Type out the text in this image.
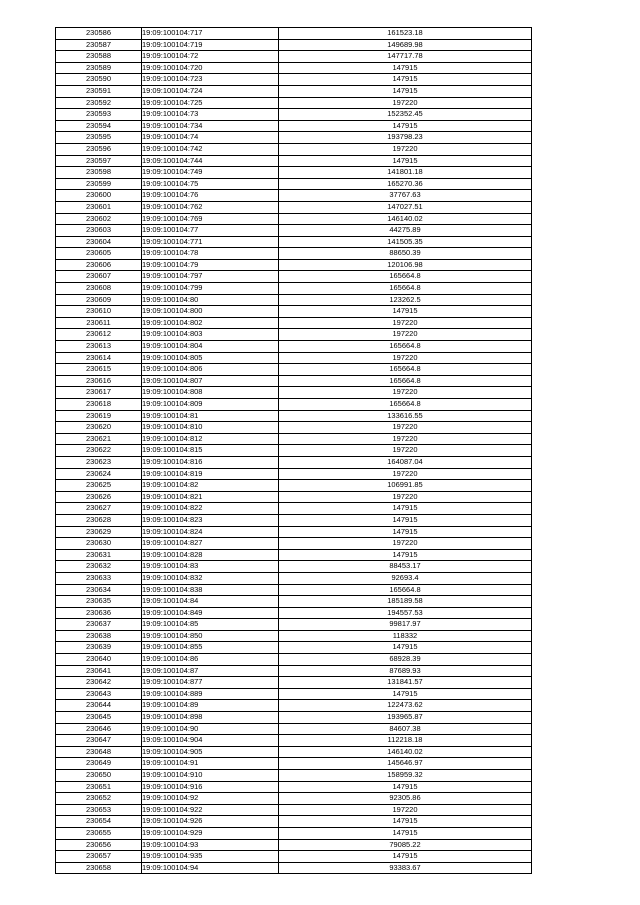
230586	19:09:100104:717	161523.18
230587	19:09:100104:719	149689.98
230588	19:09:100104:72	147717.78
230589	19:09:100104:720	147915
230590	19:09:100104:723	147915
230591	19:09:100104:724	147915
230592	19:09:100104:725	197220
230593	19:09:100104:73	152352.45
230594	19:09:100104:734	147915
230595	19:09:100104:74	193798.23
230596	19:09:100104:742	197220
230597	19:09:100104:744	147915
230598	19:09:100104:749	141801.18
230599	19:09:100104:75	165270.36
230600	19:09:100104:76	37767.63
230601	19:09:100104:762	147027.51
230602	19:09:100104:769	146140.02
230603	19:09:100104:77	44275.89
230604	19:09:100104:771	141505.35
230605	19:09:100104:78	88650.39
230606	19:09:100104:79	120106.98
230607	19:09:100104:797	165664.8
230608	19:09:100104:799	165664.8
230609	19:09:100104:80	123262.5
230610	19:09:100104:800	147915
230611	19:09:100104:802	197220
230612	19:09:100104:803	197220
230613	19:09:100104:804	165664.8
230614	19:09:100104:805	197220
230615	19:09:100104:806	165664.8
230616	19:09:100104:807	165664.8
230617	19:09:100104:808	197220
230618	19:09:100104:809	165664.8
230619	19:09:100104:81	133616.55
230620	19:09:100104:810	197220
230621	19:09:100104:812	197220
230622	19:09:100104:815	197220
230623	19:09:100104:816	164087.04
230624	19:09:100104:819	197220
230625	19:09:100104:82	106991.85
230626	19:09:100104:821	197220
230627	19:09:100104:822	147915
230628	19:09:100104:823	147915
230629	19:09:100104:824	147915
230630	19:09:100104:827	197220
230631	19:09:100104:828	147915
230632	19:09:100104:83	88453.17
230633	19:09:100104:832	92693.4
230634	19:09:100104:838	165664.8
230635	19:09:100104:84	185189.58
230636	19:09:100104:849	194557.53
230637	19:09:100104:85	99817.97
230638	19:09:100104:850	118332
230639	19:09:100104:855	147915
230640	19:09:100104:86	68928.39
230641	19:09:100104:87	87689.93
230642	19:09:100104:877	131841.57
230643	19:09:100104:889	147915
230644	19:09:100104:89	122473.62
230645	19:09:100104:898	193965.87
230646	19:09:100104:90	84607.38
230647	19:09:100104:904	112218.18
230648	19:09:100104:905	146140.02
230649	19:09:100104:91	145646.97
230650	19:09:100104:910	158959.32
230651	19:09:100104:916	147915
230652	19:09:100104:92	92305.86
230653	19:09:100104:922	197220
230654	19:09:100104:926	147915
230655	19:09:100104:929	147915
230656	19:09:100104:93	79085.22
230657	19:09:100104:935	147915
230658	19:09:100104:94	93383.67
